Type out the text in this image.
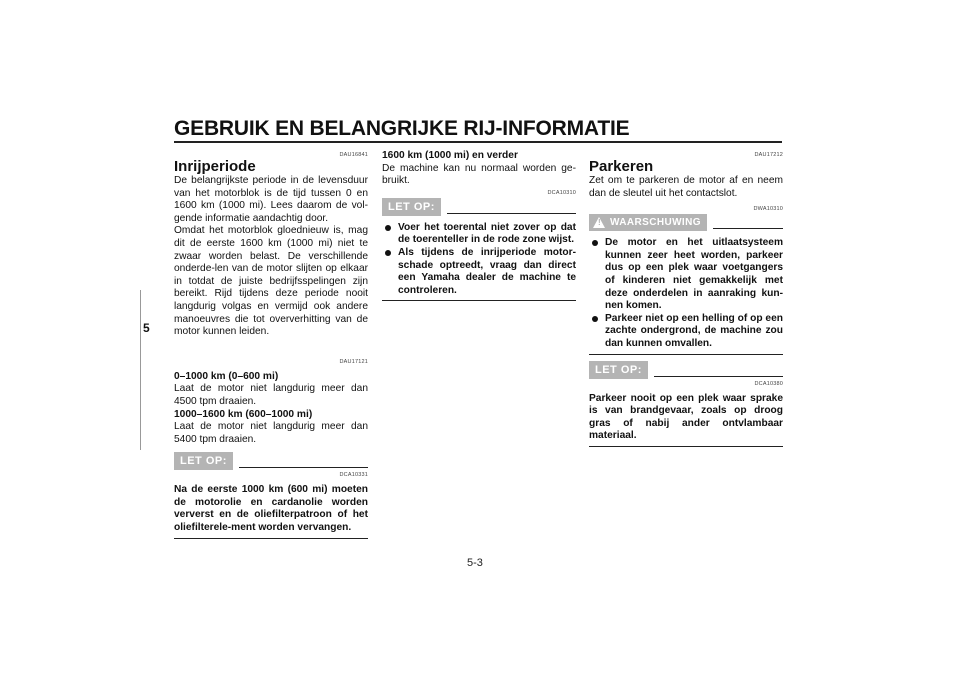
GEBRUIK EN BELANGRIJKE RIJ-INFORMATIE
5
DAU16841
Inrijperiode

De belangrijkste periode in de levensduur van het motorblok is de tijd tussen 0 en 1600 km (1000 mi). Lees daarom de vol-gende informatie aandachtig door.

Omdat het motorblok gloednieuw is, mag dit de eerste 1600 km (1000 mi) niet te zwaar worden belast. De verschillende onderde-len van de motor slijten op elkaar in totdat de juiste bedrijfsspelingen zijn bereikt. Rijd tijdens deze periode nooit langdurig volgas en vermijd ook andere manoeuvres die tot oververhitting van de motor kunnen leiden.

DAU17121

0–1000 km (0–600 mi)

Laat de motor niet langdurig meer dan 4500 tpm draaien.

1000–1600 km (600–1000 mi)

Laat de motor niet langdurig meer dan 5400 tpm draaien.

LET OP:
DCA10331
Na de eerste 1000 km (600 mi) moeten de motorolie en cardanolie worden ververst en de oliefilterpatroon of het oliefilterele-ment worden vervangen.

1600 km (1000 mi) en verder

De machine kan nu normaal worden ge-bruikt.

DCA10310
LET OP:
Voer het toerental niet zover op dat de toerenteller in de rode zone wijst.
Als tijdens de inrijperiode motor-schade optreedt, vraag dan direct een Yamaha dealer de machine te controleren.
DAU17212
Parkeren

Zet om te parkeren de motor af en neem dan de sleutel uit het contactslot.

DWA10310
! WAARSCHUWING
De motor en het uitlaatsysteem kunnen zeer heet worden, parkeer dus op een plek waar voetgangers of kinderen niet gemakkelijk met deze onderdelen in aanraking kun-nen komen.
Parkeer niet op een helling of op een zachte ondergrond, de machine zou dan kunnen omvallen.
LET OP:
DCA10380
Parkeer nooit op een plek waar sprake is van brandgevaar, zoals op droog gras of nabij ander ontvlambaar materiaal.
5-3
